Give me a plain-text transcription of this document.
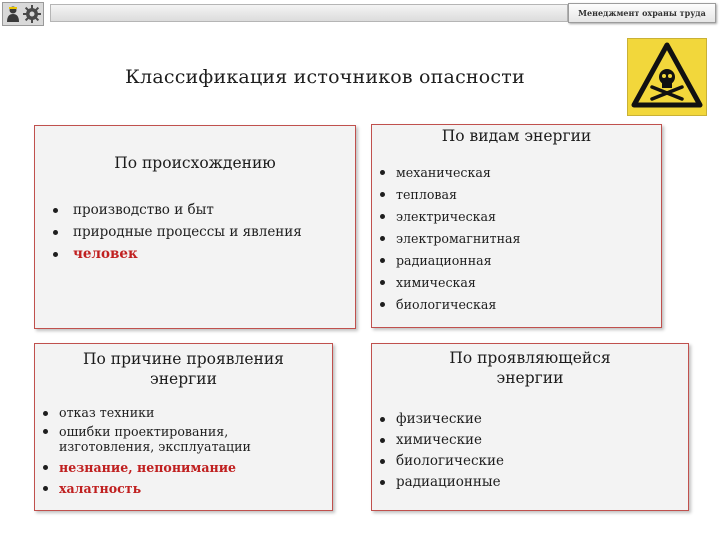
Менеджмент охраны труда
Классификация источников опасности
По происхождению
производство и быт
природные процессы и явления
человек
По видам энергии
механическая
тепловая
электрическая
электромагнитная
радиационная
химическая
биологическая
По причине проявления
энергии
отказ техники
ошибки проектирования, изготовления, эксплуатации
незнание, непонимание
халатность
По проявляющейся
энергии
физические
химические
биологические
радиационные
